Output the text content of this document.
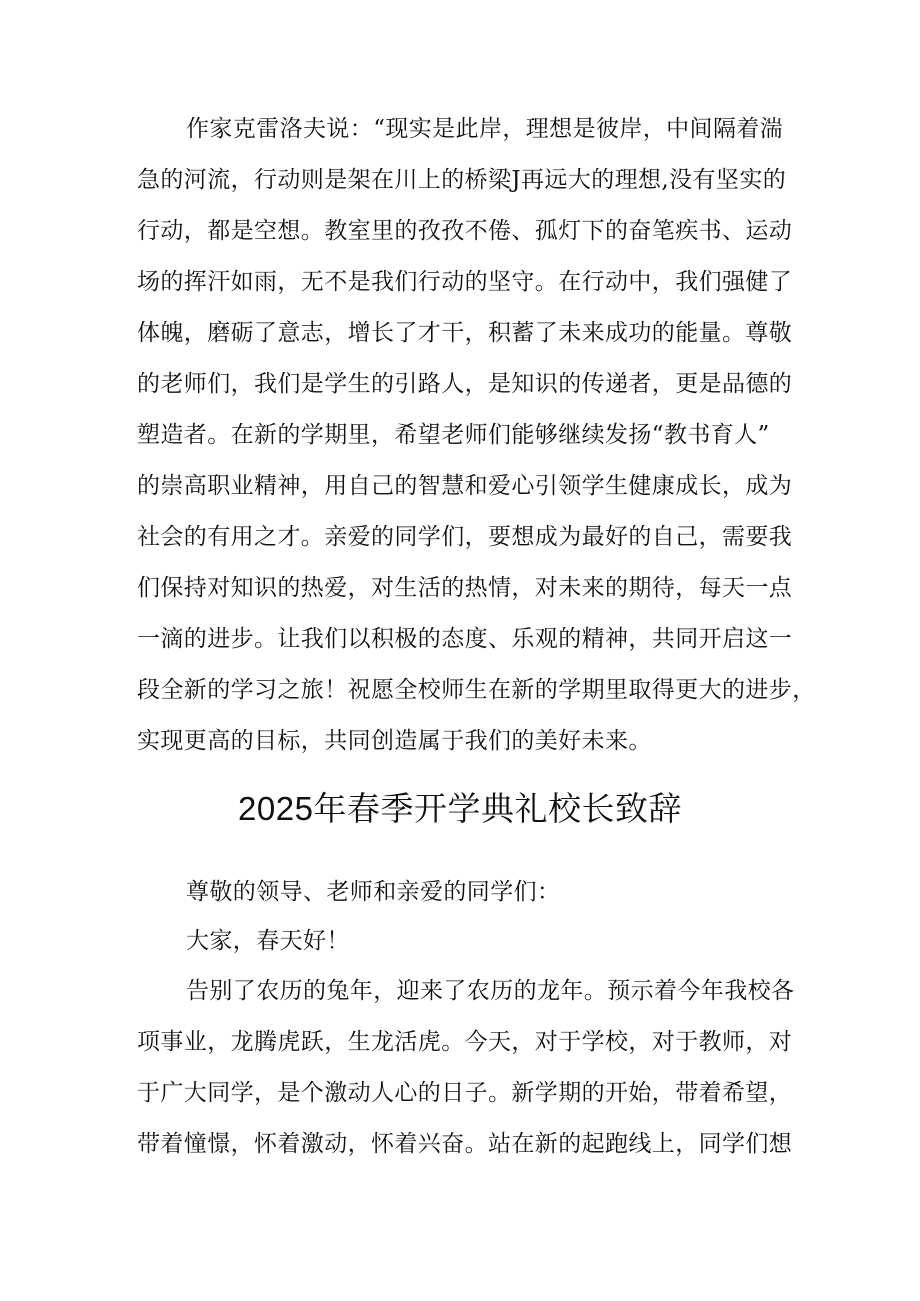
作家克雷洛夫说：“现实是此岸，理想是彼岸，中间隔着湍
急的河流，行动则是架在川上的桥梁J再远大的理想,没有坚实的
行动，都是空想。教室里的孜孜不倦、孤灯下的奋笔疾书、运动
场的挥汗如雨，无不是我们行动的坚守。在行动中，我们强健了
体魄，磨砺了意志，增长了才干，积蓄了未来成功的能量。尊敬
的老师们，我们是学生的引路人，是知识的传递者，更是品德的
塑造者。在新的学期里，希望老师们能够继续发扬“教书育人”
的崇高职业精神，用自己的智慧和爱心引领学生健康成长，成为
社会的有用之才。亲爱的同学们，要想成为最好的自己，需要我
们保持对知识的热爱，对生活的热情，对未来的期待，每天一点
一滴的进步。让我们以积极的态度、乐观的精神，共同开启这一
段全新的学习之旅！祝愿全校师生在新的学期里取得更大的进步，
实现更高的目标，共同创造属于我们的美好未来。
2025年春季开学典礼校长致辞
尊敬的领导、老师和亲爱的同学们：
大家，春天好！
告别了农历的兔年，迎来了农历的龙年。预示着今年我校各
项事业，龙腾虎跃，生龙活虎。今天，对于学校，对于教师，对
于广大同学，是个激动人心的日子。新学期的开始，带着希望，
带着憧憬，怀着激动，怀着兴奋。站在新的起跑线上，同学们想
